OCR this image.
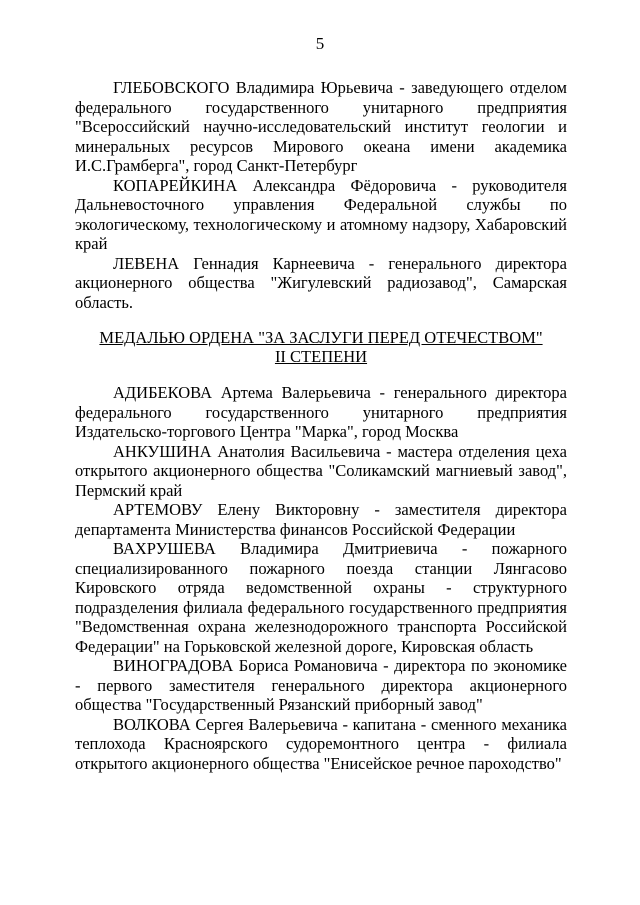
5

ГЛЕБОВСКОГО Владимира Юрьевича - заведующего отделом федерального государственного унитарного предприятия "Всероссийский научно-исследовательский институт геологии и минеральных ресурсов Мирового океана имени академика И.С.Грамберга", город Санкт-Петербург

КОПАРЕЙКИНА Александра Фёдоровича - руководителя Дальневосточного управления Федеральной службы по экологическому, технологическому и атомному надзору, Хабаровский край

ЛЕВЕНА Геннадия Карнеевича - генерального директора акционерного общества "Жигулевский радиозавод", Самарская область.

МЕДАЛЬЮ ОРДЕНА "ЗА ЗАСЛУГИ ПЕРЕД ОТЕЧЕСТВОМ"
II СТЕПЕНИ

АДИБЕКОВА Артема Валерьевича - генерального директора федерального государственного унитарного предприятия Издательско-торгового Центра "Марка", город Москва

АНКУШИНА Анатолия Васильевича - мастера отделения цеха открытого акционерного общества "Соликамский магниевый завод", Пермский край

АРТЕМОВУ Елену Викторовну - заместителя директора департамента Министерства финансов Российской Федерации

ВАХРУШЕВА Владимира Дмитриевича - пожарного специализированного пожарного поезда станции Лянгасово Кировского отряда ведомственной охраны - структурного подразделения филиала федерального государственного предприятия "Ведомственная охрана железнодорожного транспорта Российской Федерации" на Горьковской железной дороге, Кировская область

ВИНОГРАДОВА Бориса Романовича - директора по экономике - первого заместителя генерального директора акционерного общества "Государственный Рязанский приборный завод"

ВОЛКОВА Сергея Валерьевича - капитана - сменного механика теплохода Красноярского судоремонтного центра - филиала открытого акционерного общества "Енисейское речное пароходство"
